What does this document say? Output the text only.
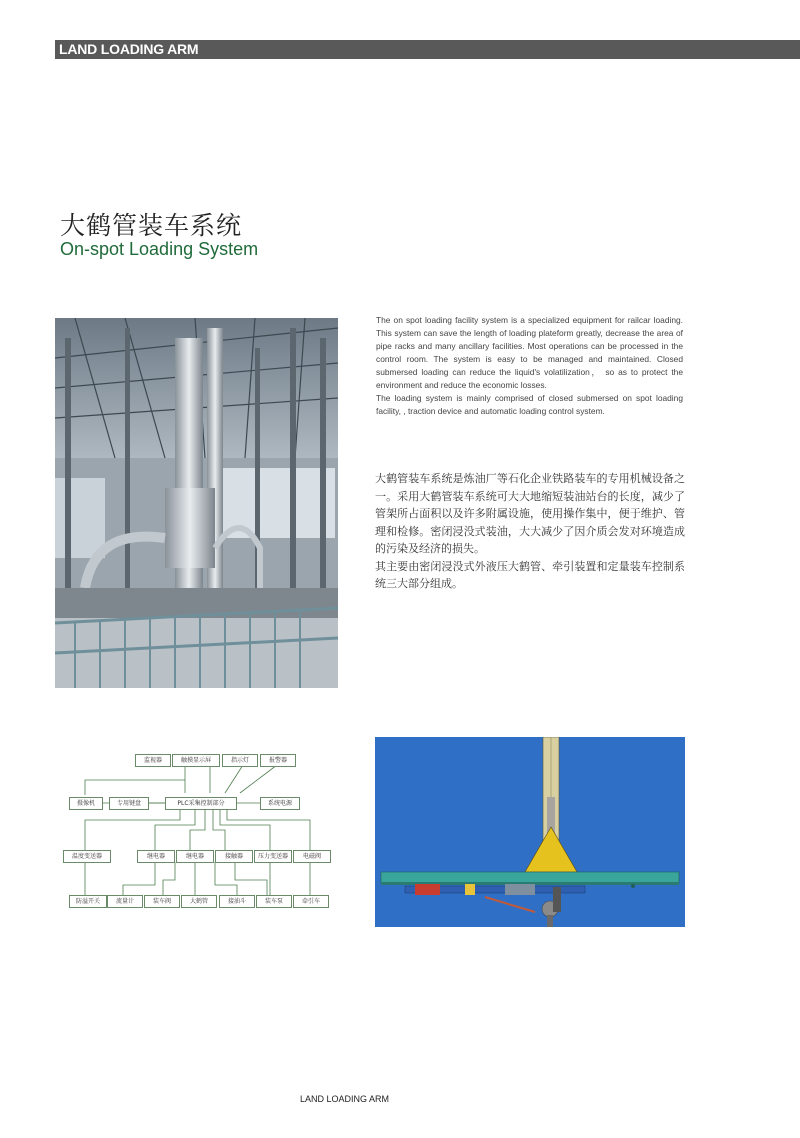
LAND LOADING ARM
大鹤管装车系统
On-spot Loading System

The on spot loading facility system is a specialized equipment for railcar loading. This system can save the length of loading plateform greatly, decrease the area of pipe racks and many ancillary facilities. Most operations can be processed in the control room. The system is easy to be managed and maintained. Closed submersed loading can reduce the liquid's volatilization， so as to protect the environment and reduce the economic losses.

The loading system is mainly comprised of closed submersed on spot loading facility, , traction device and automatic loading control system.

大鹤管装车系统是炼油厂等石化企业铁路装车的专用机械设备之一。采用大鹤管装车系统可大大地缩短装油站台的长度，减少了管架所占面积以及许多附属设施，使用操作集中，便于维护、管理和检修。密闭浸没式装油，大大减少了因介质会发对环境造成的污染及经济的损失。

其主要由密闭浸没式外液压大鹤管、牵引装置和定量装车控制系统三大部分组成。

监视器	触摸显示屏	指示灯	报警器
摄像机	专用键盘	PLC采集控制部分	系统电源
温度变送器	继电器	继电器	接触器	压力变送器	电磁阀
防溢开关	流量计	装车阀	大鹤管	接油斗	装车泵	牵引车
LAND LOADING ARM
